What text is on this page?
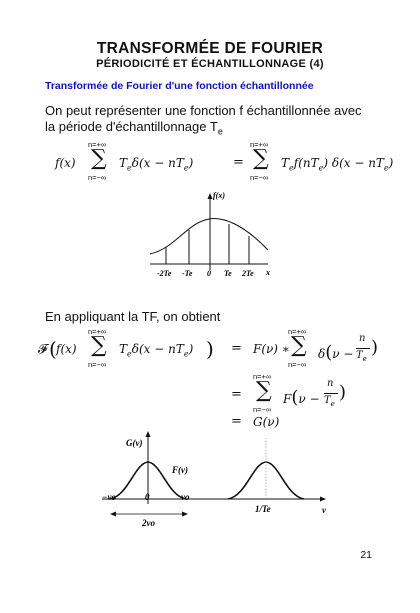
TRANSFORMÉE DE FOURIER
PÉRIODICITÉ ET ÉCHANTILLONNAGE (4)
Transformée de Fourier d'une fonction échantillonnée
On peut représenter une fonction f échantillonnée avec
la période d'échantillonnage $T_e$
f(x)
n=+∞
∑
n=−∞
$T_e\delta(x - nT_e)$	=
n=+∞
∑
n=−∞
$T_ef(nT_e) \delta(x - nT_e)$
f(x)
x
-2Te -Te 0 Te 2Te
G(v)
F(v)
v
−vo	0	vo
1/Te
2vo
En appliquant la TF, on obtient
𝓕 ( f(x)
n=+∞
∑
n=−∞
$T_e\delta(x - nT_e)$ ) = F(ν) ∗
n=+∞
∑
n=−∞
δ(ν −
n
$T_e$
)
=
n=+∞
∑
n=−∞
F(ν −
n
$T_e$
)
= G(ν)
21
